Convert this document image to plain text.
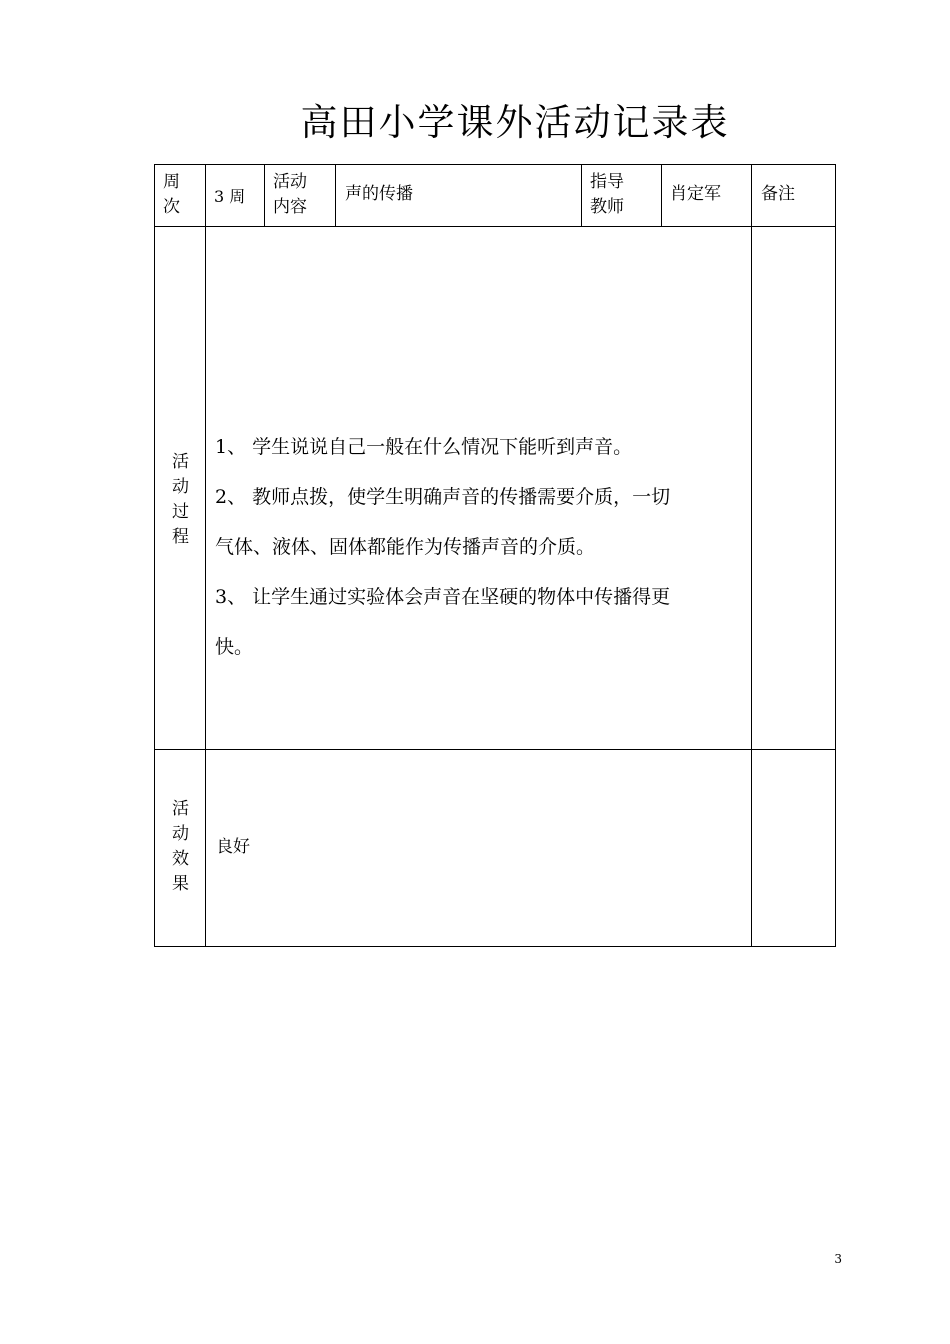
高田小学课外活动记录表
周
次
3 周
活动
内容
声的传播
指导
教师
肖定军 备注
活
动
过
程

1、 学生说说自己一般在什么情况下能听到声音。

2、 教师点拨，使学生明确声音的传播需要介质，一切

气体、液体、固体都能作为传播声音的介质。

3、 让学生通过实验体会声音在坚硬的物体中传播得更

快。

活
动
效
果
良好
3
